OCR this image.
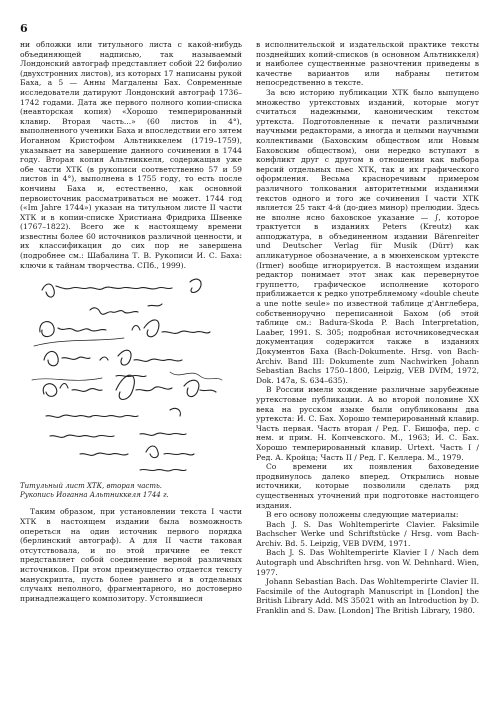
6

ни обложки или титульного листа с какой-нибудь объединяющей надписью, так называемый Лондонский автограф представляет собой 22 бифолио (двухстронних листов), из которых 17 написаны рукой Баха, а 5 — Анны Магдалены Бах. Современные исследователи датируют Лондонский автограф 1736–1742 годами. Дата же первого полного копии-списка (неавторская копия) «Хорошо темперированный клавир. Вторая часть...» (60 листов in 4°), выполненного ученики Баха и впоследствии его зятем Иоганном Кристофом Альтниккелем (1719–1759), указывает на завершение данного сочинения в 1744 году. Вторая копия Альтниккеля, содержащая уже обе части ХТК (в рукописи соответственно 57 и 59 листов in 4°), выполнена в 1755 году, то есть после кончины Баха и, естественно, как основной первоисточник рассматриваться не может. 1744 год («Im Jahre 1744») указан на титульном листе II части ХТК и в копии-списке Христиана Фридриха Швенке (1767–1822). Всего же к настоящему времени известны более 60 источников различной ценности, и их классификация до сих пор не завершена (подробнее см.: Шабалина Т. В. Рукописи И. С. Баха: ключи к тайнам творчества. СПб., 1999).

Титульный лист ХТК, вторая часть.
Рукопись Иоганна Альтниккеля 1744 г.

Таким образом, при установлении текста I части ХТК в настоящем издании была возможность опереться на один источник первого порядка (берлинский автограф). А для II части таковая отсутствовала, и по этой причине ее текст представляет собой соединение верной различных источников. При этом преимущество отдается тексту манускрипта, пусть более раннего и в отдельных случаях неполного, фрагментарного, но достоверно принадлежащего композитору. Устоявшиеся

в исполнительской и издательской практике тексты позднейших копий-списков (в основном Альтниккеля) и наиболее существенные разночтения приведены в качестве вариантов или набраны петитом непосредственно в тексте.

За всю историю публикации ХТК было выпущено множество уртекстовых изданий, которые могут считаться надежными, каноническим текстом уртекста. Подготовленные к печати различными научными редакторами, а иногда и целыми научными коллективами (Баховским обществом или Новым Баховским обществом), они нередко вступают в конфликт друг с другом в отношении как выбора версий отдельных пьес ХТК, так и их графического оформления. Весьма красноречивым примером различного толкования авторитетными изданиями текстов одного и того же сочинения I части ХТК является 25 такт 4-й (до-диез минор) прелюдии. Здесь не вполне ясно баховское указание — ∫, которое трактуется в изданиях Peters (Kreutz) как апподжатура, в объединенном издании Bärenreiter und Deutscher Verlag für Musik (Dürr) как апликатурное обозначение, а в мюнхенском уртексте (Irmer) вообще игнорируется. В настоящем издании редактор понимает этот знак как перевернутое группетто, графическое исполнение которого приближается к редко употребляемому «double cheute a une notte seule» по известной таблице д'Англебера, собственноручно переписанной Бахом (об этой таблице см.: Badura-Skoda P. Bach Interpretation, Laaber, 1991. S. 305; подробная источниковедческая документация содержится также в изданиях Документов Баха (Bach-Dokumente. Hrsg. von Bach-Archiv. Band III: Dokumente zum Nachwirken Johann Sebastian Bachs 1750–1800, Leipzig, VEB DVfM, 1972, Dok. 147a, S. 634–635).

В России имели хождение различные зарубежные уртекстовые публикации. А во второй половине XX века на русском языке были опубликованы два уртекста: И. С. Бах. Хорошо темперированный клавир. Часть первая. Часть вторая / Ред. Г. Бишофа, пер. с нем. и прим. Н. Копчевского. М., 1963; И. С. Бах. Хорошо темперированный клавир. Urtext. Часть I / Ред. А. Кройца; Часть II / Ред. Г. Келлера. М., 1979.

Со времени их появления баховедение продвинулось далеко вперед. Открылись новые источники, которые позволили сделать ряд существенных уточнений при подготовке настоящего издания.

В его основу положены следующие материалы:

Bach J. S. Das Wohltemperirte Clavier. Faksimile Bachscher Werke und Schriftstücke / Hrsg. vom Bach-Archiv. Bd. 5. Leipzig, VEB DVfM, 1971.

Bach J. S. Das Wohltemperirte Klavier I / Nach dem Autograph und Abschriften hrsg. von W. Dehnhard. Wien, 1977.

Johann Sebastian Bach. Das Wohltemperirte Clavier II. Facsimile of the Autograph Manuscript in [London] the British Library Add. MS 35021 with an Introduction by D. Franklin and S. Daw. [London] The British Library, 1980.
